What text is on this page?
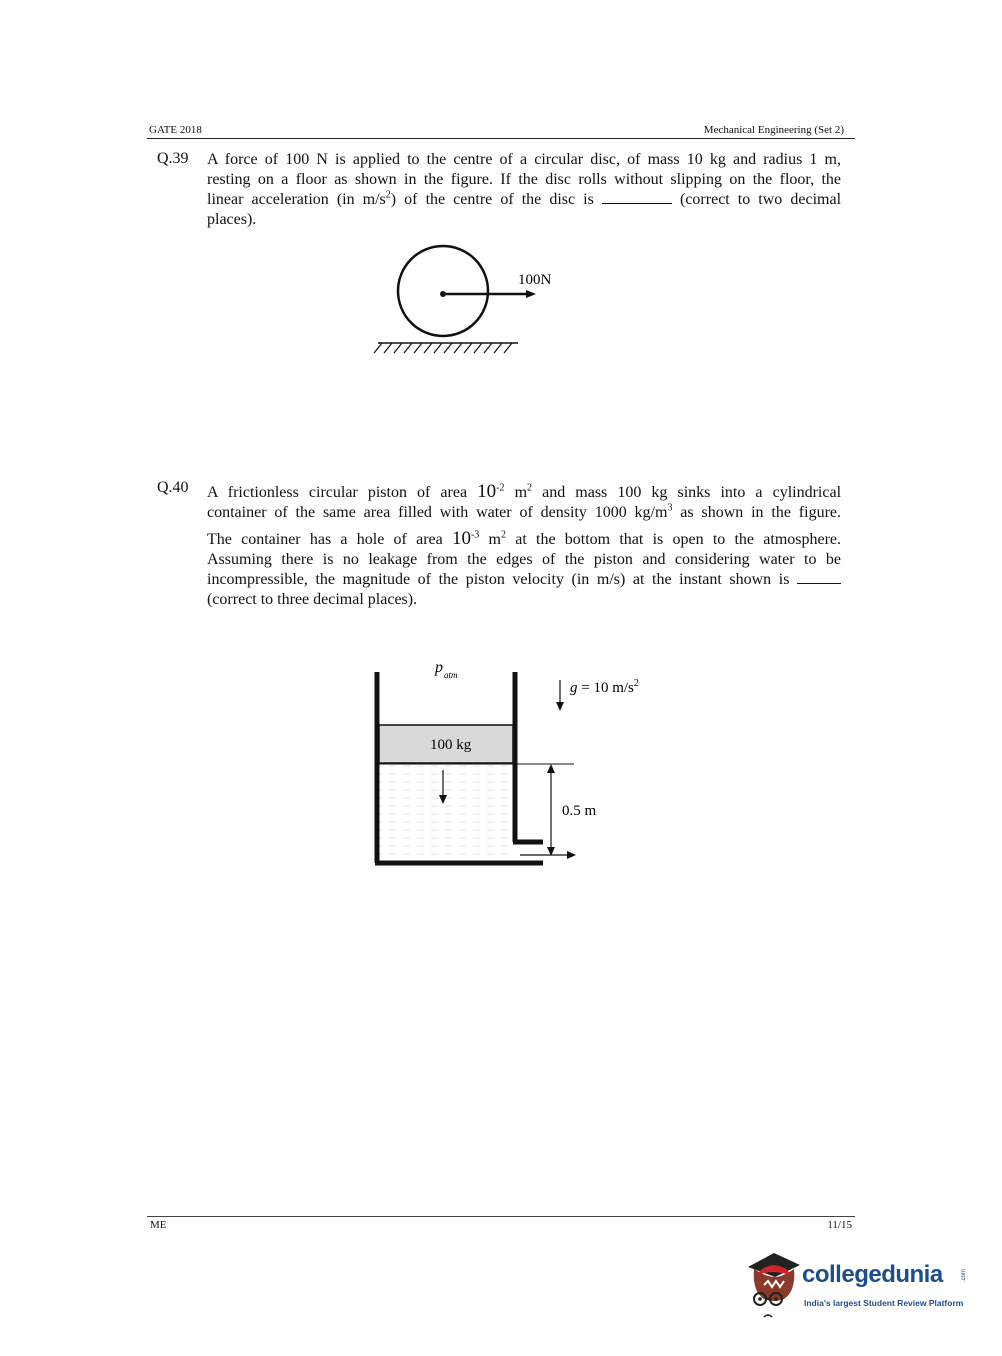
GATE 2018	Mechanical Engineering (Set 2)
Q.39 A force of 100 N is applied to the centre of a circular disc, of mass 10 kg and radius 1 m,
resting on a floor as shown in the figure. If the disc rolls without slipping on the floor, the
linear acceleration (in $m/s^2$) of the centre of the disc is	(correct to two decimal
places).
100N
Q.40 A frictionless circular piston of area $10^{-2}$ $m^2$ and mass 100 kg sinks into a cylindrical
container of the same area filled with water of density 1000 $kg/m^3$ as shown in the figure.
The container has a hole of area $10^{-3}$ $m^2$ at the bottom that is open to the atmosphere.
Assuming there is no leakage from the edges of the piston and considering water to be
incompressible, the magnitude of the piston velocity (in m/s) at the instant shown is
(correct to three decimal places).
100 kg
p atm
g = 10 $m/s^2$
0.5 m
ME	11/15
collegedunia	.com
India's largest Student Review Platform
